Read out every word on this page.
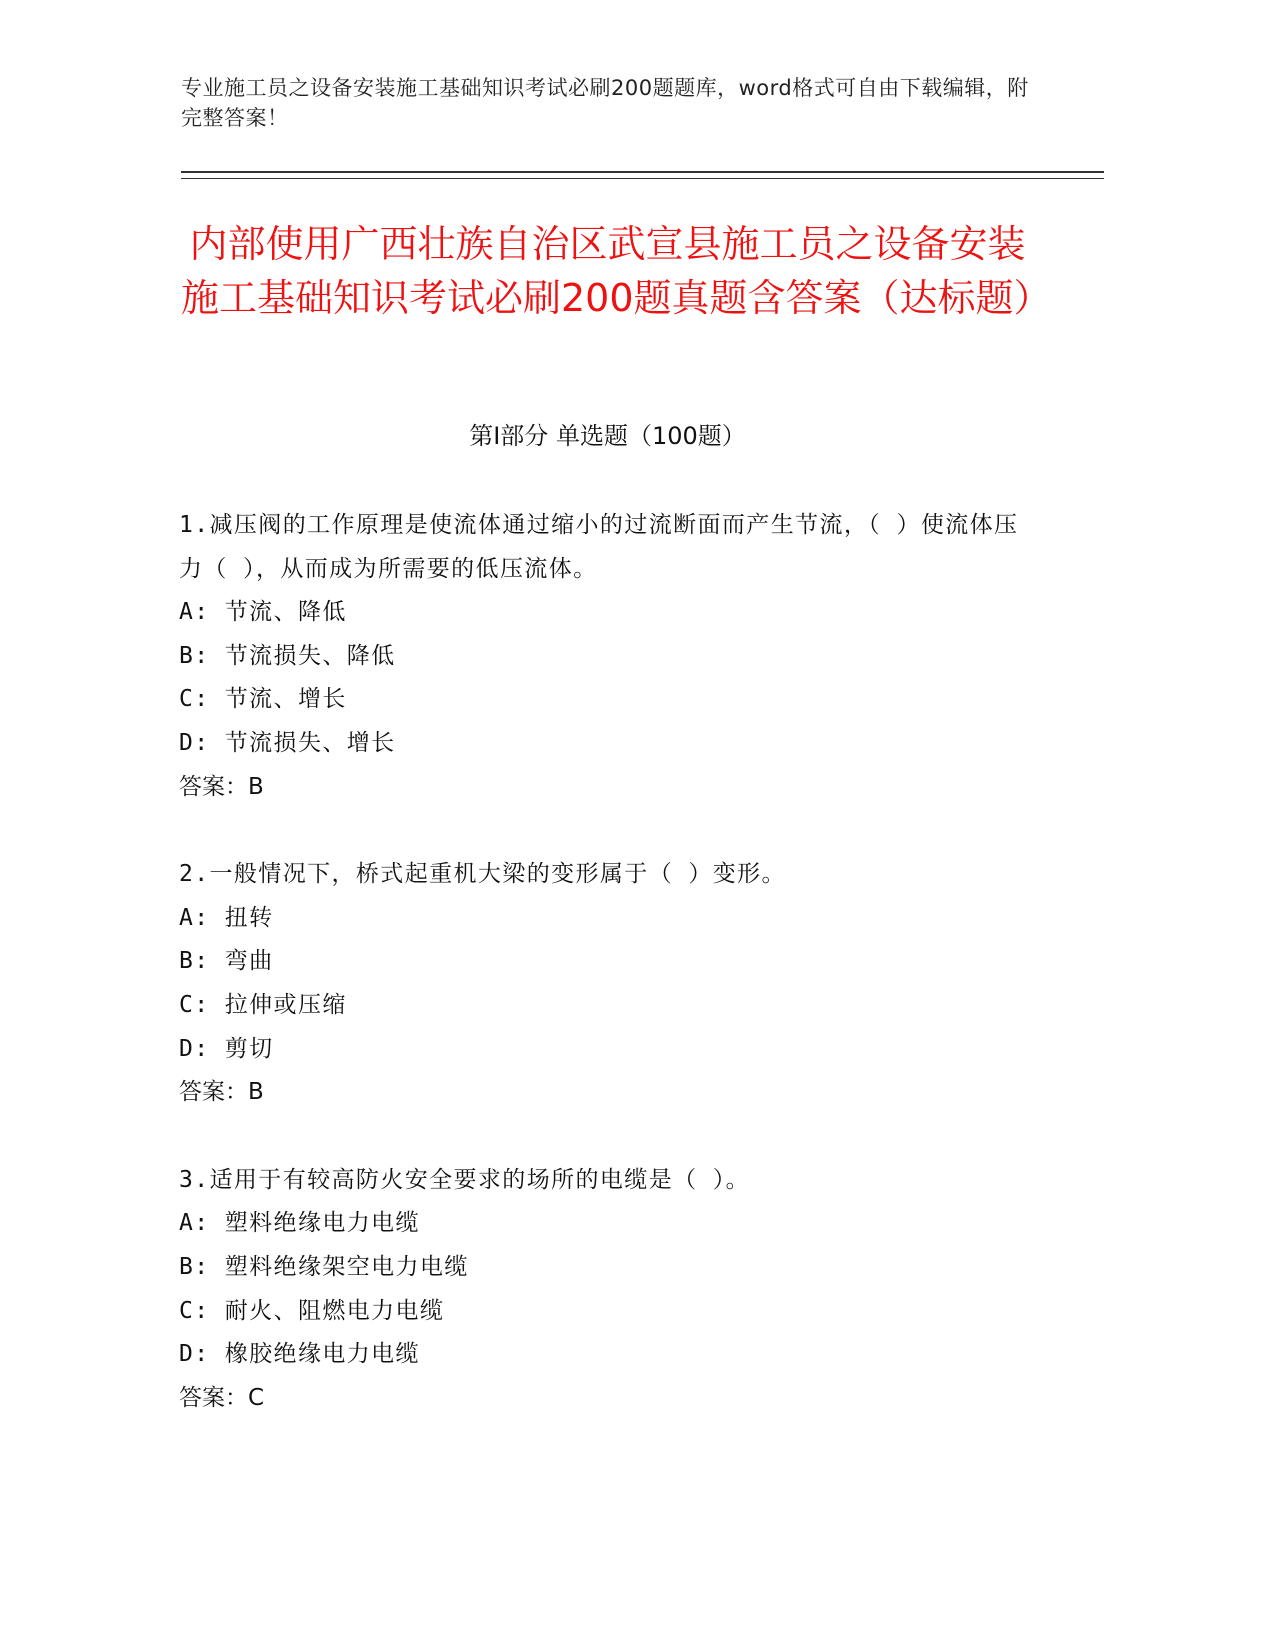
专业施工员之设备安装施工基础知识考试必刷200题题库，word格式可自由下载编辑，附完整答案！
内部使用广西壮族自治区武宣县施工员之设备安装施工基础知识考试必刷200题真题含答案（达标题）
第I部分 单选题（100题）
1.减压阀的工作原理是使流体通过缩小的过流断面而产生节流，（ ）使流体压力（ ），从而成为所需要的低压流体。
A: 节流、降低
B: 节流损失、降低
C: 节流、增长
D: 节流损失、增长
答案：B
2.一般情况下，桥式起重机大梁的变形属于（ ）变形。
A: 扭转
B: 弯曲
C: 拉伸或压缩
D: 剪切
答案：B
3.适用于有较高防火安全要求的场所的电缆是（ ）。
A: 塑料绝缘电力电缆
B: 塑料绝缘架空电力电缆
C: 耐火、阻燃电力电缆
D: 橡胶绝缘电力电缆
答案：C
